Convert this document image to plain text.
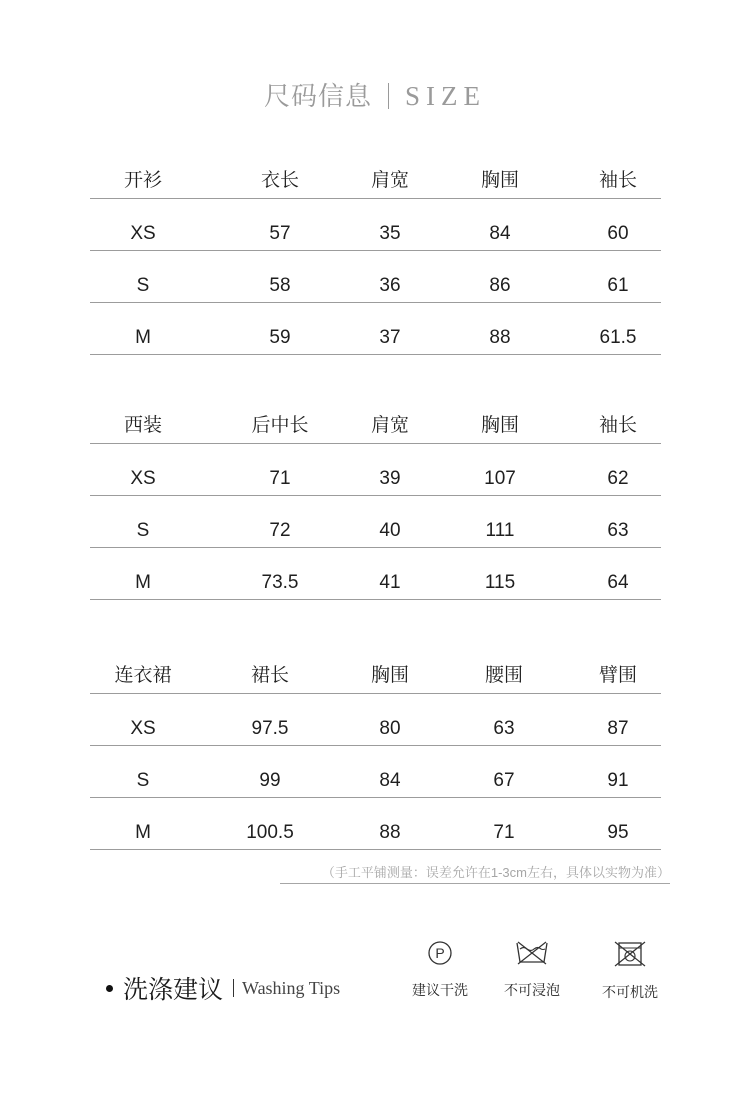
尺码信息 SIZE
开衫	衣长	肩宽	胸围	袖长
XS	57	35	84	60
S	58	36	86	61
M	59	37	88	61.5
西装	后中长	肩宽	胸围	袖长
XS	71	39	107	62
S	72	40	111	63
M	73.5	41	115	64
连衣裙	裙长	胸围	腰围	臂围
XS	97.5	80	63	87
S	99	84	67	91
M	100.5	88	71	95
（手工平铺测量：误差允许在1-3cm左右，具体以实物为准）
洗涤建议 Washing Tips
P
建议干洗	不可浸泡	不可机洗
